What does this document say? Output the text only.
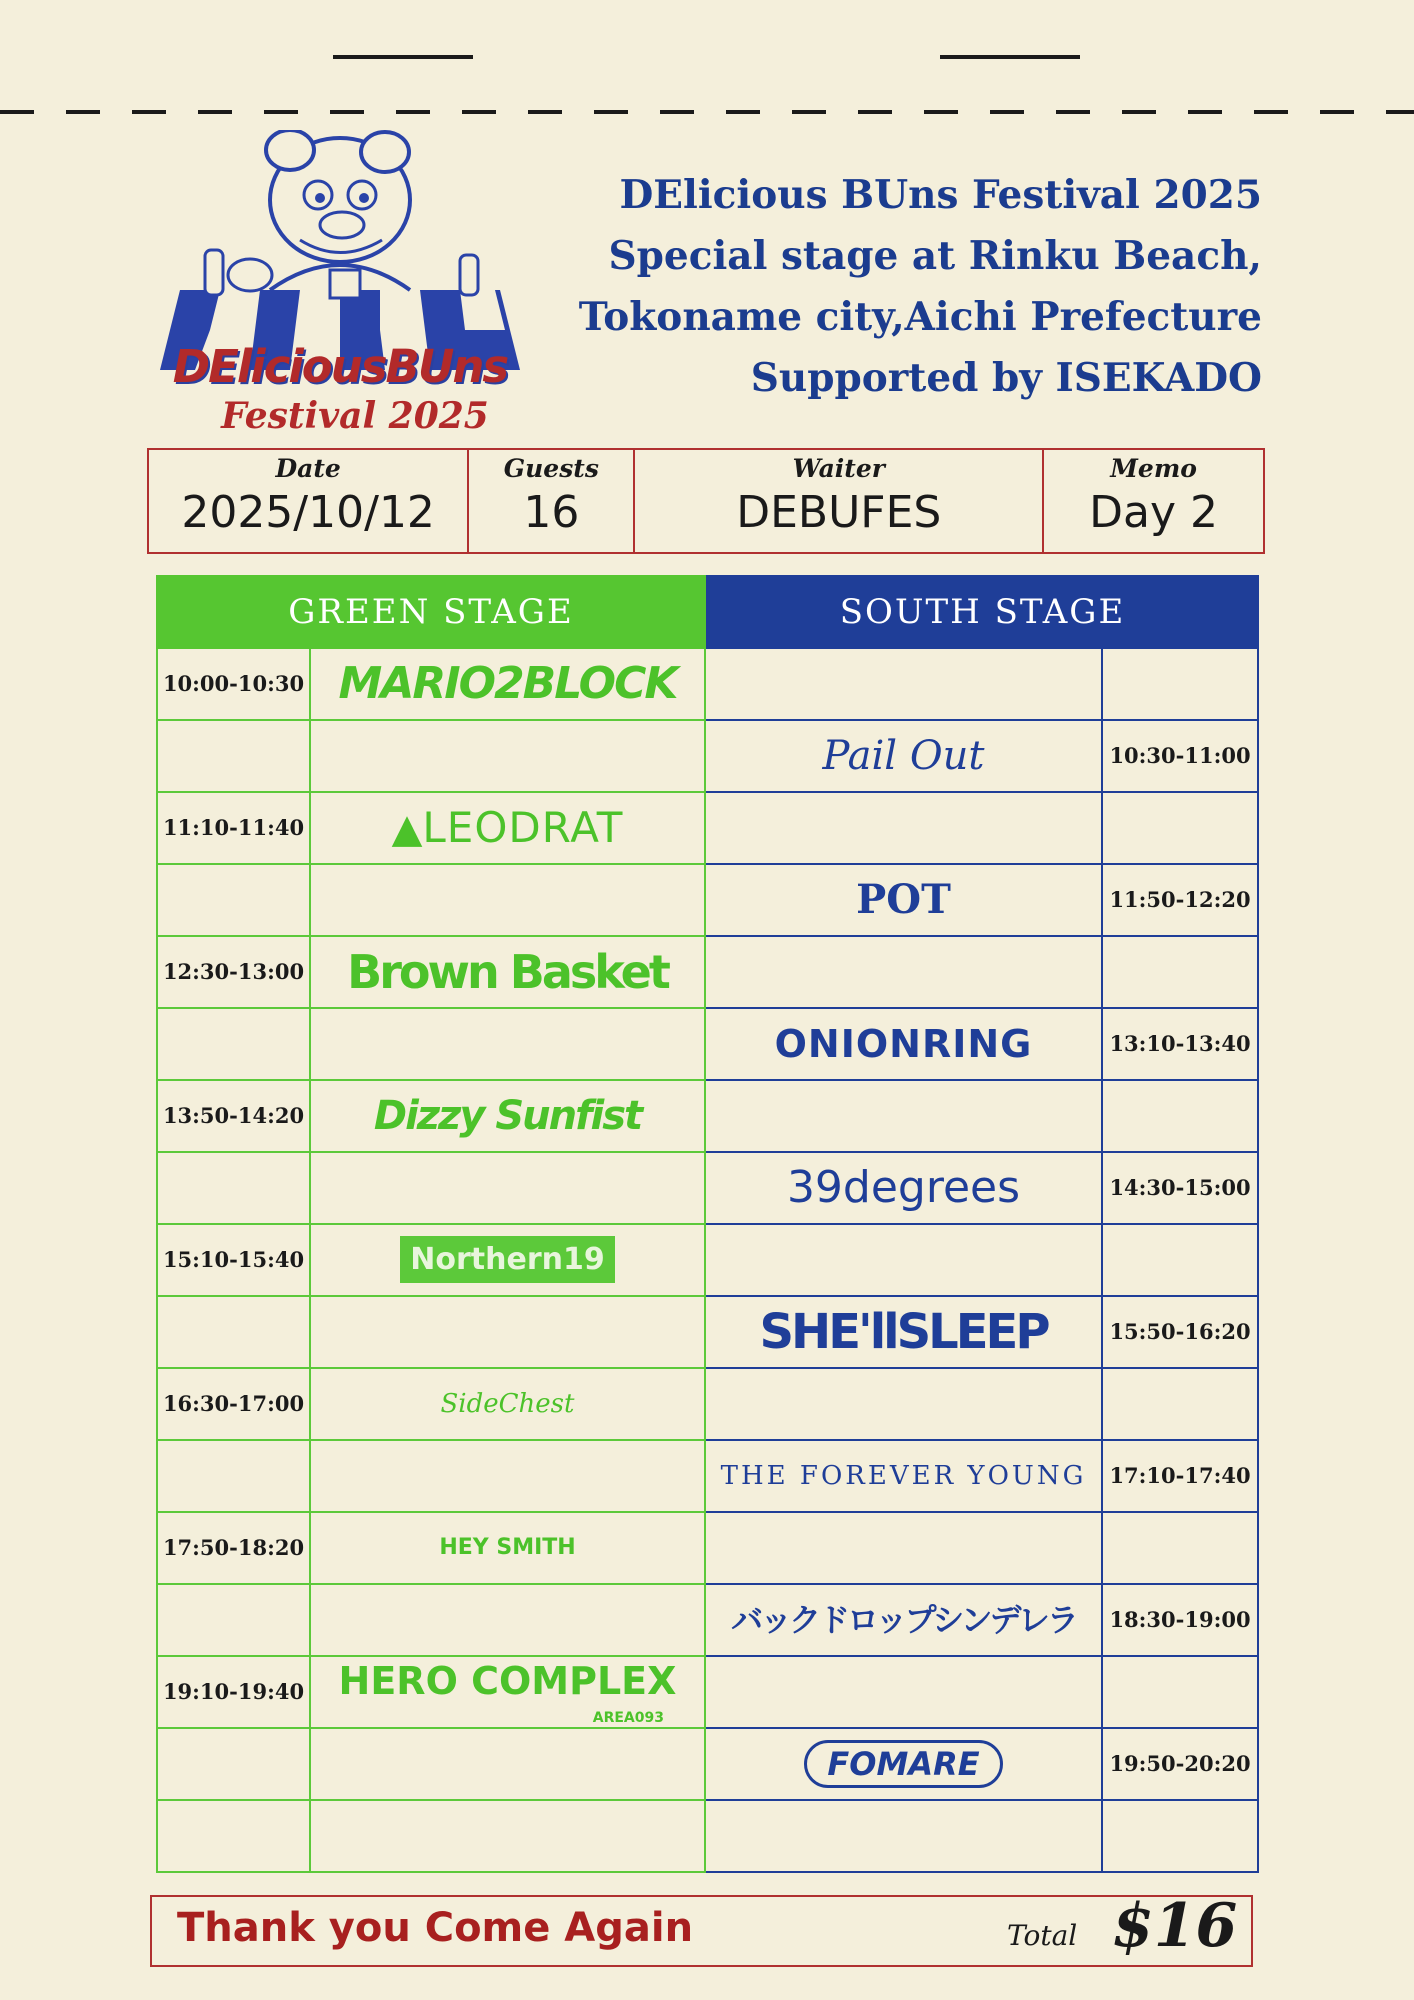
DEliciousBUns
Festival 2025
DElicious BUns Festival 2025
Special stage at Rinku Beach,
Tokoname city,Aichi Prefecture
Supported by ISEKADO
Date
2025/10/12
Guests
16
Waiter
DEBUFES
Memo
Day 2
GREEN STAGE	SOUTH STAGE
10:00-10:30 MARIO2BLOCK
Pail Out	10:30-11:00
11:10-11:40	▲LEODRAT
POT	11:50-12:20
12:30-13:00 Brown Basket
ONIONRING	13:10-13:40
13:50-14:20	Dizzy Sunfist
39degrees	14:30-15:00
15:10-15:40	Northern19
SHE'llSLEEP	15:50-16:20
16:30-17:00	SideChest
THE FOREVER YOUNG	17:10-17:40
17:50-18:20	HEY SMITH
バックドロップシンデレラ	18:30-19:00
19:10-19:40 HERO COMPLEX
AREA093
FOMARE	19:50-20:20
Thank you Come Again	Total $16
